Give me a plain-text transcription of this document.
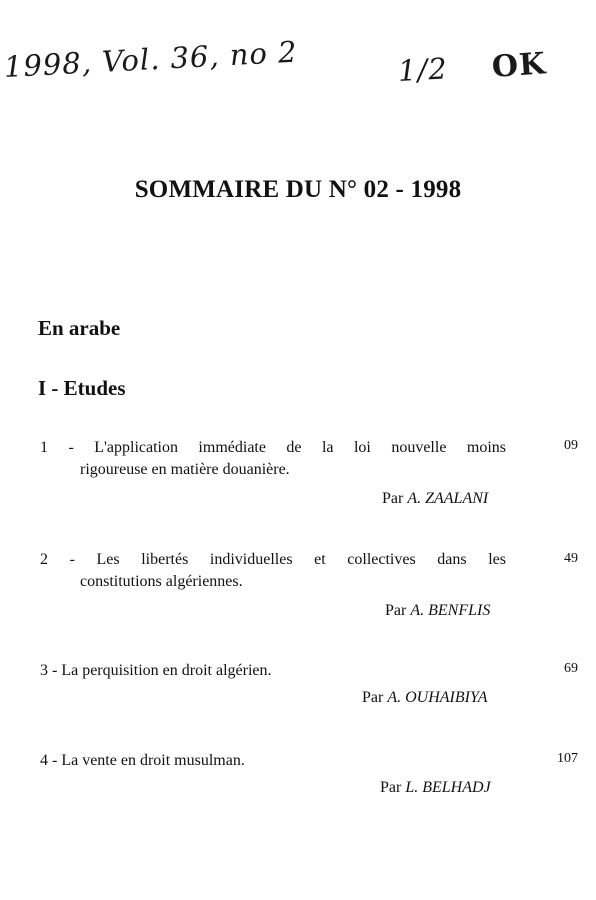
1998, Vol. 36, no 2	1/2 OK
SOMMAIRE DU N° 02 - 1998
En arabe
I - Etudes
1 - L'application immédiate de la loi nouvelle moins
rigoureuse en matière douanière.
Par A. ZAALANI
09
2 - Les libertés individuelles et collectives dans les
constitutions algériennes.
Par A. BENFLIS
49
3 - La perquisition en droit algérien.
Par A. OUHAIBIYA
69
4 - La vente en droit musulman.
Par L. BELHADJ
107
